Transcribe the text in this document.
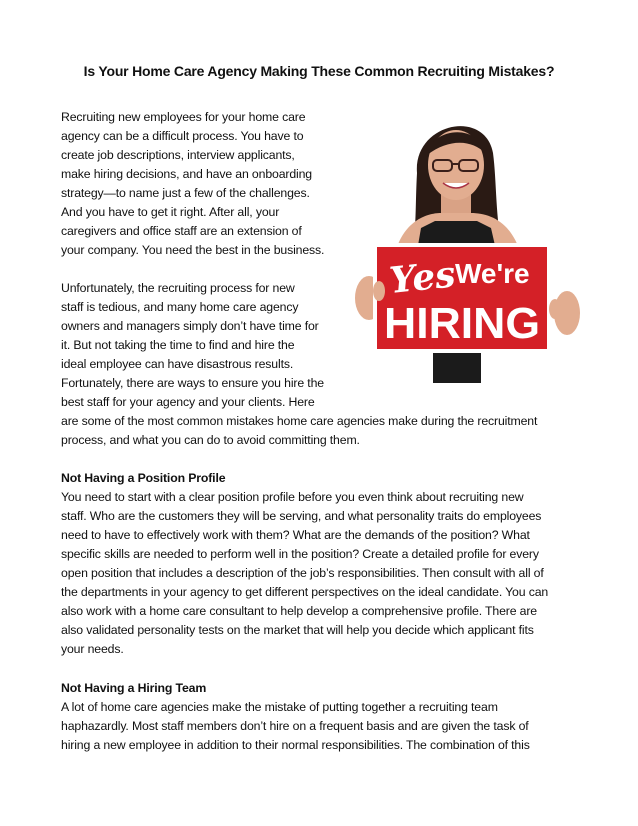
Is Your Home Care Agency Making These Common Recruiting Mistakes?
Recruiting new employees for your home care
agency can be a difficult process. You have to
create job descriptions, interview applicants,
make hiring decisions, and have an onboarding
strategy—to name just a few of the challenges.
And you have to get it right. After all, your
caregivers and office staff are an extension of
your company. You need the best in the business.
Unfortunately, the recruiting process for new
staff is tedious, and many home care agency
owners and managers simply don’t have time for
it. But not taking the time to find and hire the
ideal employee can have disastrous results.
Fortunately, there are ways to ensure you hire the
best staff for your agency and your clients. Here
are some of the most common mistakes home care agencies make during the recruitment
process, and what you can do to avoid committing them.
Not Having a Position Profile
You need to start with a clear position profile before you even think about recruiting new
staff. Who are the customers they will be serving, and what personality traits do employees
need to have to effectively work with them? What are the demands of the position? What
specific skills are needed to perform well in the position? Create a detailed profile for every
open position that includes a description of the job’s responsibilities. Then consult with all of
the departments in your agency to get different perspectives on the ideal candidate. You can
also work with a home care consultant to help develop a comprehensive profile. There are
also validated personality tests on the market that will help you decide which applicant fits
your needs.
Not Having a Hiring Team
A lot of home care agencies make the mistake of putting together a recruiting team
haphazardly. Most staff members don’t hire on a frequent basis and are given the task of
hiring a new employee in addition to their normal responsibilities. The combination of this
Yes
We're
HIRING
